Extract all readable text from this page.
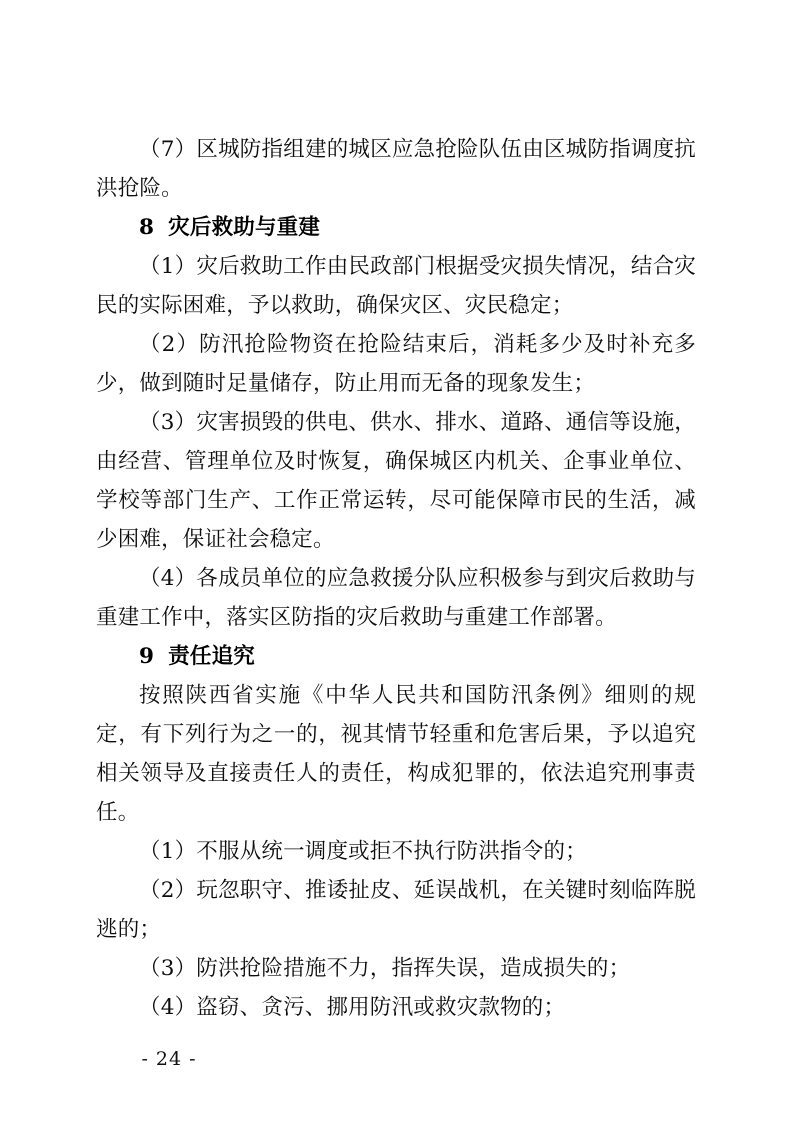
（7）区城防指组建的城区应急抢险队伍由区城防指调度抗洪抢险。

8 灾后救助与重建

（1）灾后救助工作由民政部门根据受灾损失情况，结合灾民的实际困难，予以救助，确保灾区、灾民稳定；

（2）防汛抢险物资在抢险结束后，消耗多少及时补充多少，做到随时足量储存，防止用而无备的现象发生；

（3）灾害损毁的供电、供水、排水、道路、通信等设施，由经营、管理单位及时恢复，确保城区内机关、企事业单位、学校等部门生产、工作正常运转，尽可能保障市民的生活，减少困难，保证社会稳定。

（4）各成员单位的应急救援分队应积极参与到灾后救助与重建工作中，落实区防指的灾后救助与重建工作部署。

9 责任追究

按照陕西省实施《中华人民共和国防汛条例》细则的规定，有下列行为之一的，视其情节轻重和危害后果，予以追究相关领导及直接责任人的责任，构成犯罪的，依法追究刑事责任。

（1）不服从统一调度或拒不执行防洪指令的；

（2）玩忽职守、推诿扯皮、延误战机，在关键时刻临阵脱逃的；

（3）防洪抢险措施不力，指挥失误，造成损失的；

（4）盗窃、贪污、挪用防汛或救灾款物的；

- 24 -
